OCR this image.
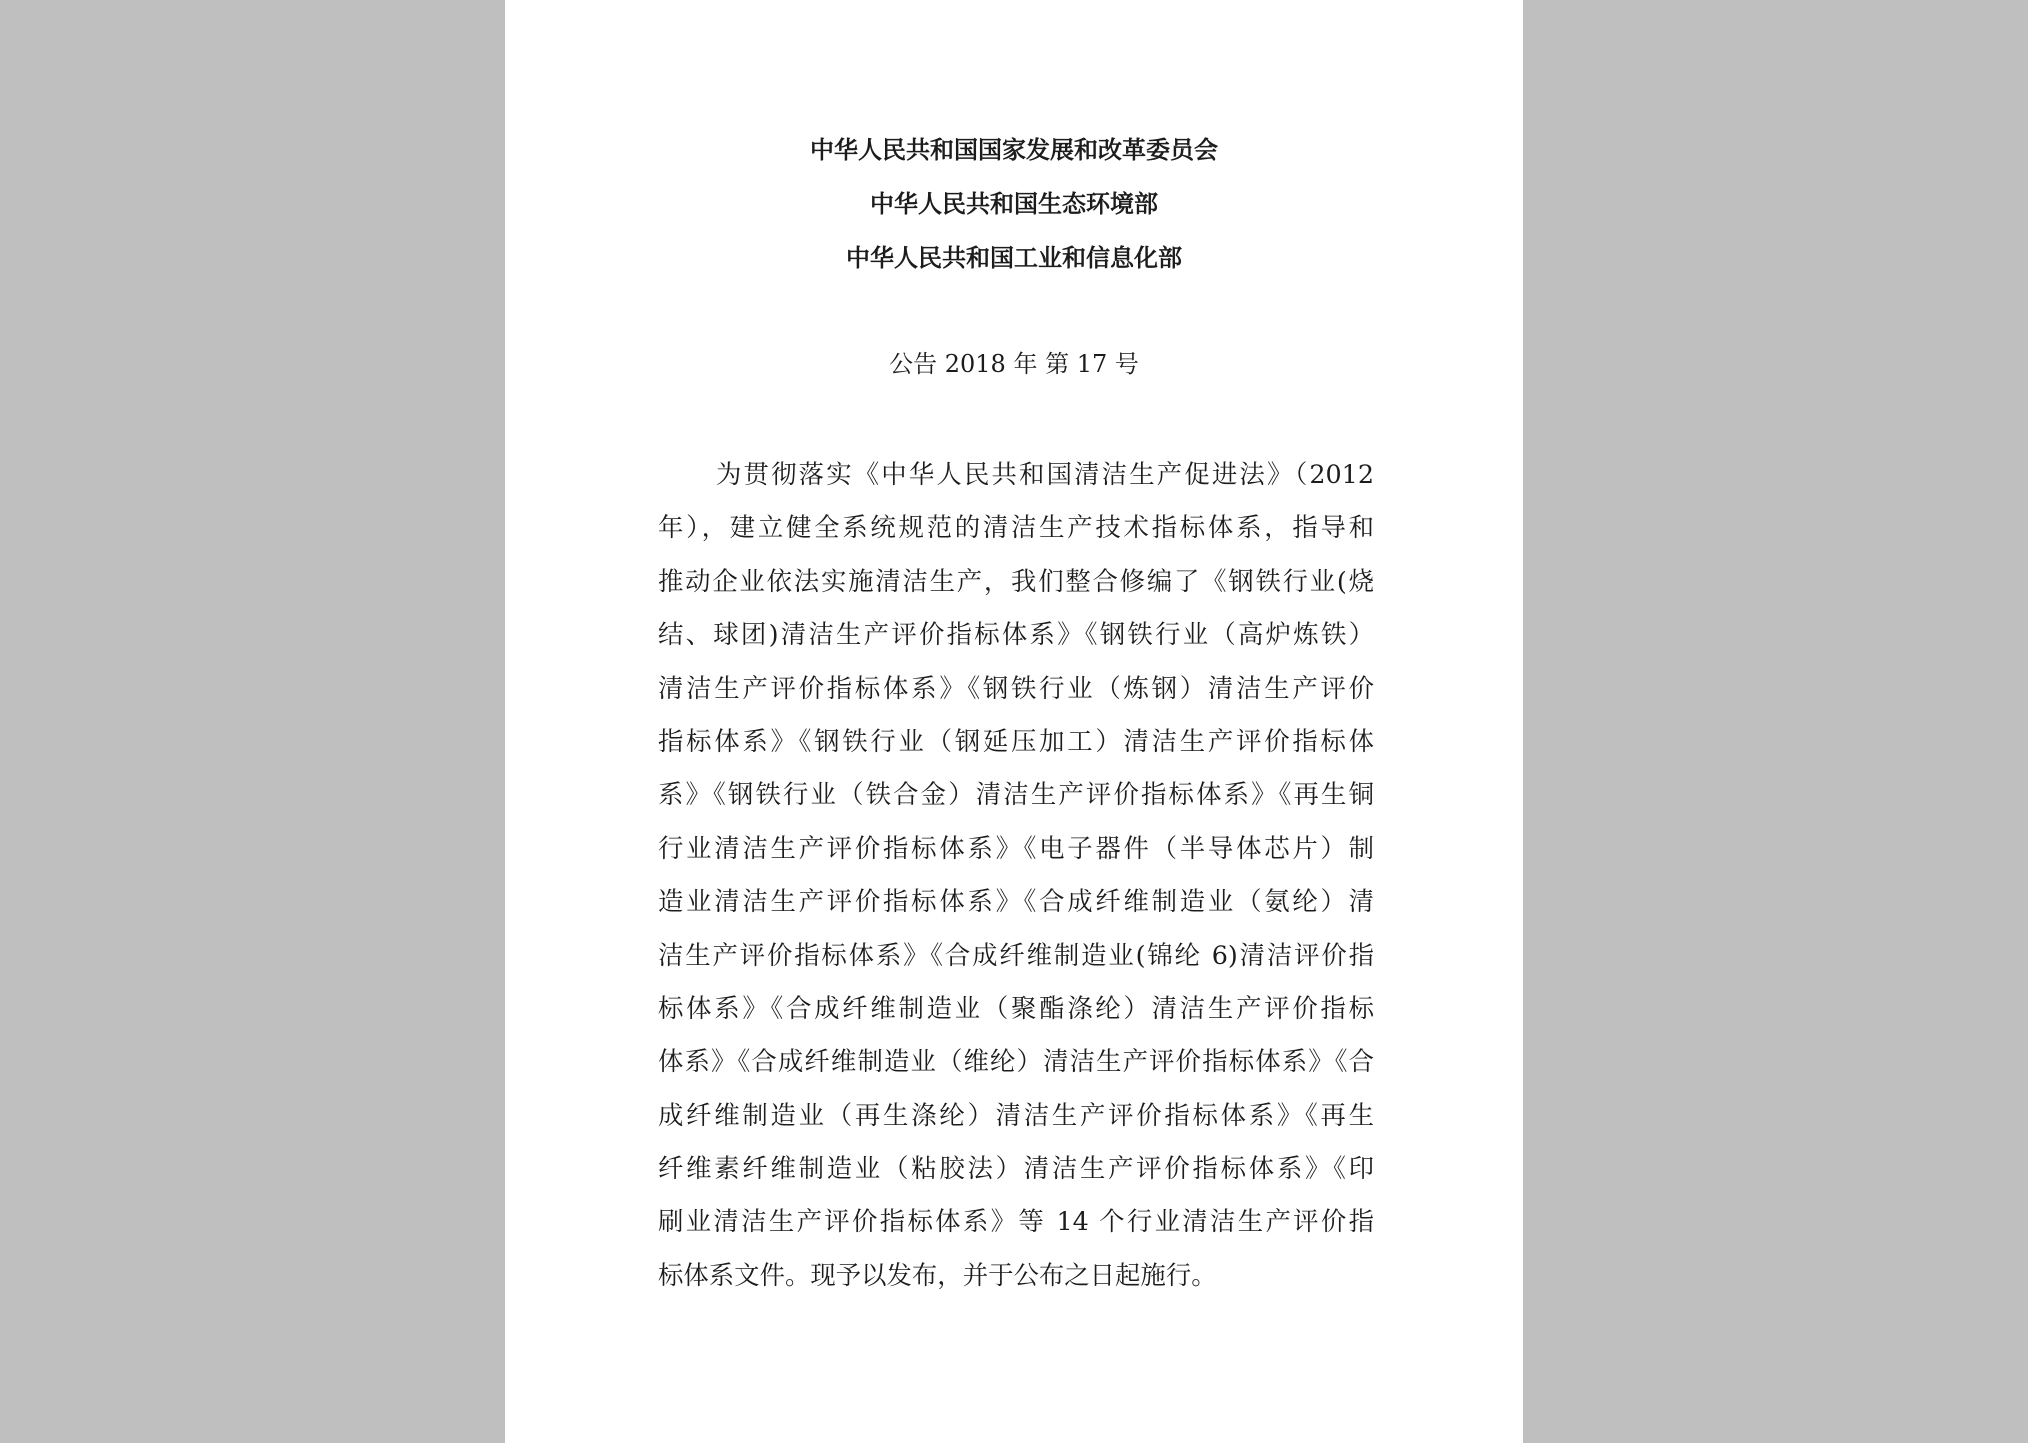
中华人民共和国国家发展和改革委员会
中华人民共和国生态环境部
中华人民共和国工业和信息化部
公告 2018 年 第 17 号
为贯彻落实《中华人民共和国清洁生产促进法》（2012
年），建立健全系统规范的清洁生产技术指标体系，指导和
推动企业依法实施清洁生产，我们整合修编了《钢铁行业(烧
结、球团)清洁生产评价指标体系》《钢铁行业（高炉炼铁）
清洁生产评价指标体系》《钢铁行业（炼钢）清洁生产评价
指标体系》《钢铁行业（钢延压加工）清洁生产评价指标体
系》《钢铁行业（铁合金）清洁生产评价指标体系》《再生铜
行业清洁生产评价指标体系》《电子器件（半导体芯片）制
造业清洁生产评价指标体系》《合成纤维制造业（氨纶）清
洁生产评价指标体系》《合成纤维制造业(锦纶 6)清洁评价指
标体系》《合成纤维制造业（聚酯涤纶）清洁生产评价指标
体系》《合成纤维制造业（维纶）清洁生产评价指标体系》《合
成纤维制造业（再生涤纶）清洁生产评价指标体系》《再生
纤维素纤维制造业（粘胶法）清洁生产评价指标体系》《印
刷业清洁生产评价指标体系》等 14 个行业清洁生产评价指
标体系文件。现予以发布，并于公布之日起施行。
